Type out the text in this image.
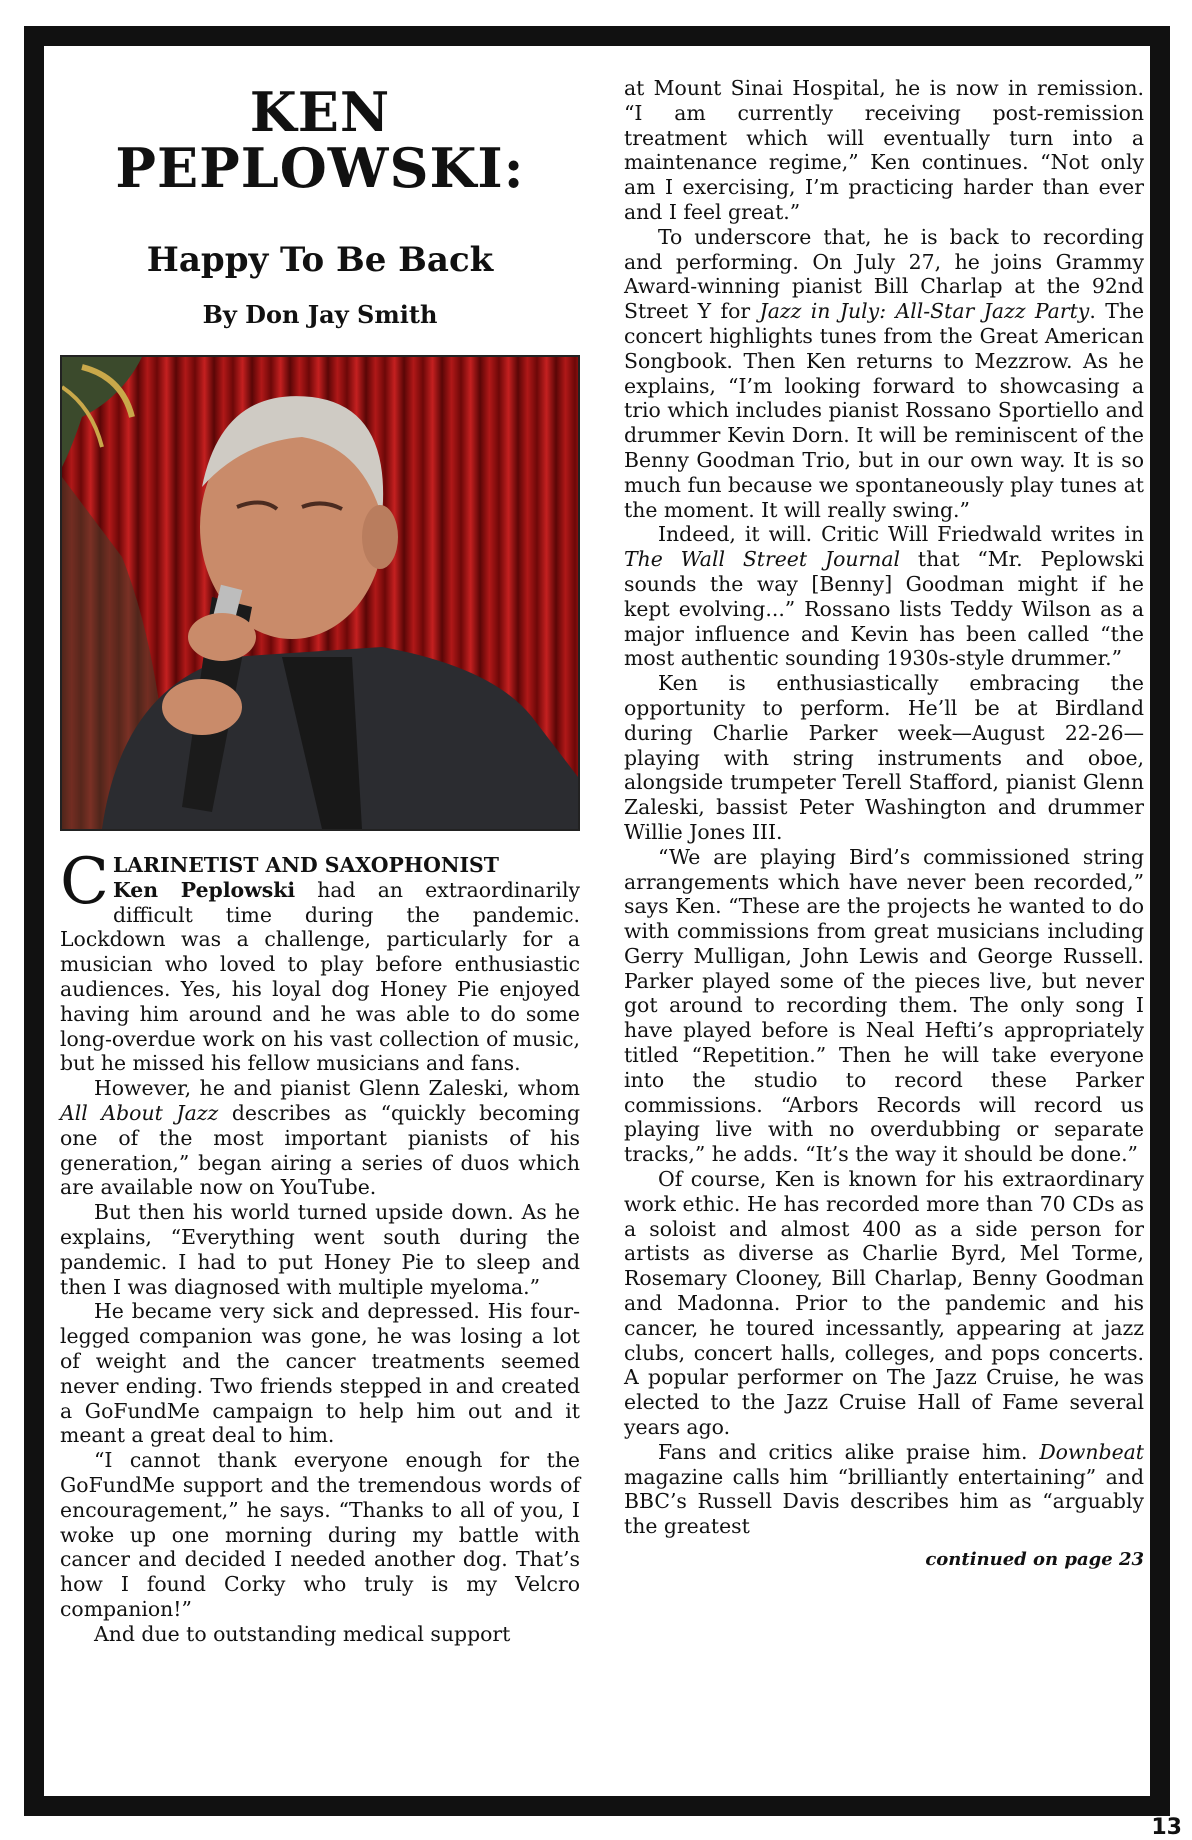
KEN
PEPLOWSKI:
Happy To Be Back
By Don Jay Smith

CLARINETIST AND SAXOPHONIST
Ken Peplowski had an extraordinarily difficult time during the pandemic. Lockdown was a challenge, particularly for a musician who loved to play before enthusiastic audiences. Yes, his loyal dog Honey Pie enjoyed having him around and he was able to do some long-overdue work on his vast collection of music, but he missed his fellow musicians and fans.

However, he and pianist Glenn Zaleski, whom All About Jazz describes as “quickly becoming one of the most important pianists of his generation,” began airing a series of duos which are available now on YouTube.

But then his world turned upside down. As he explains, “Everything went south during the pandemic. I had to put Honey Pie to sleep and then I was diagnosed with multiple myeloma.”

He became very sick and depressed. His four-legged companion was gone, he was losing a lot of weight and the cancer treatments seemed never ending. Two friends stepped in and created a GoFundMe campaign to help him out and it meant a great deal to him.

“I cannot thank everyone enough for the GoFundMe support and the tremendous words of encouragement,” he says. “Thanks to all of you, I woke up one morning during my battle with cancer and decided I needed another dog. That’s how I found Corky who truly is my Velcro companion!”

And due to outstanding medical support

at Mount Sinai Hospital, he is now in remission. “I am currently receiving post-remission treatment which will eventually turn into a maintenance regime,” Ken continues. “Not only am I exercising, I’m practicing harder than ever and I feel great.”

To underscore that, he is back to recording and performing. On July 27, he joins Grammy Award-winning pianist Bill Charlap at the 92nd Street Y for Jazz in July: All-Star Jazz Party. The concert highlights tunes from the Great American Songbook. Then Ken returns to Mezzrow. As he explains, “I’m looking forward to showcasing a trio which includes pianist Rossano Sportiello and drummer Kevin Dorn. It will be reminiscent of the Benny Goodman Trio, but in our own way. It is so much fun because we spontaneously play tunes at the moment. It will really swing.”

Indeed, it will. Critic Will Friedwald writes in The Wall Street Journal that “Mr. Peplowski sounds the way [Benny] Goodman might if he kept evolving...” Rossano lists Teddy Wilson as a major influence and Kevin has been called “the most authentic sounding 1930s-style drummer.”

Ken is enthusiastically embracing the opportunity to perform. He’ll be at Birdland during Charlie Parker week—August 22-26—playing with string instruments and oboe, alongside trumpeter Terell Stafford, pianist Glenn Zaleski, bassist Peter Washington and drummer Willie Jones III.

“We are playing Bird’s commissioned string arrangements which have never been recorded,” says Ken. “These are the projects he wanted to do with commissions from great musicians including Gerry Mulligan, John Lewis and George Russell. Parker played some of the pieces live, but never got around to recording them. The only song I have played before is Neal Hefti’s appropriately titled “Repetition.” Then he will take everyone into the studio to record these Parker commissions. “Arbors Records will record us playing live with no overdubbing or separate tracks,” he adds. “It’s the way it should be done.”

Of course, Ken is known for his extraordinary work ethic. He has recorded more than 70 CDs as a soloist and almost 400 as a side person for artists as diverse as Charlie Byrd, Mel Torme, Rosemary Clooney, Bill Charlap, Benny Goodman and Madonna. Prior to the pandemic and his cancer, he toured incessantly, appearing at jazz clubs, concert halls, colleges, and pops concerts. A popular performer on The Jazz Cruise, he was elected to the Jazz Cruise Hall of Fame several years ago.

Fans and critics alike praise him. Downbeat magazine calls him “brilliantly entertaining” and BBC’s Russell Davis describes him as “arguably the greatest

continued on page 23
13
